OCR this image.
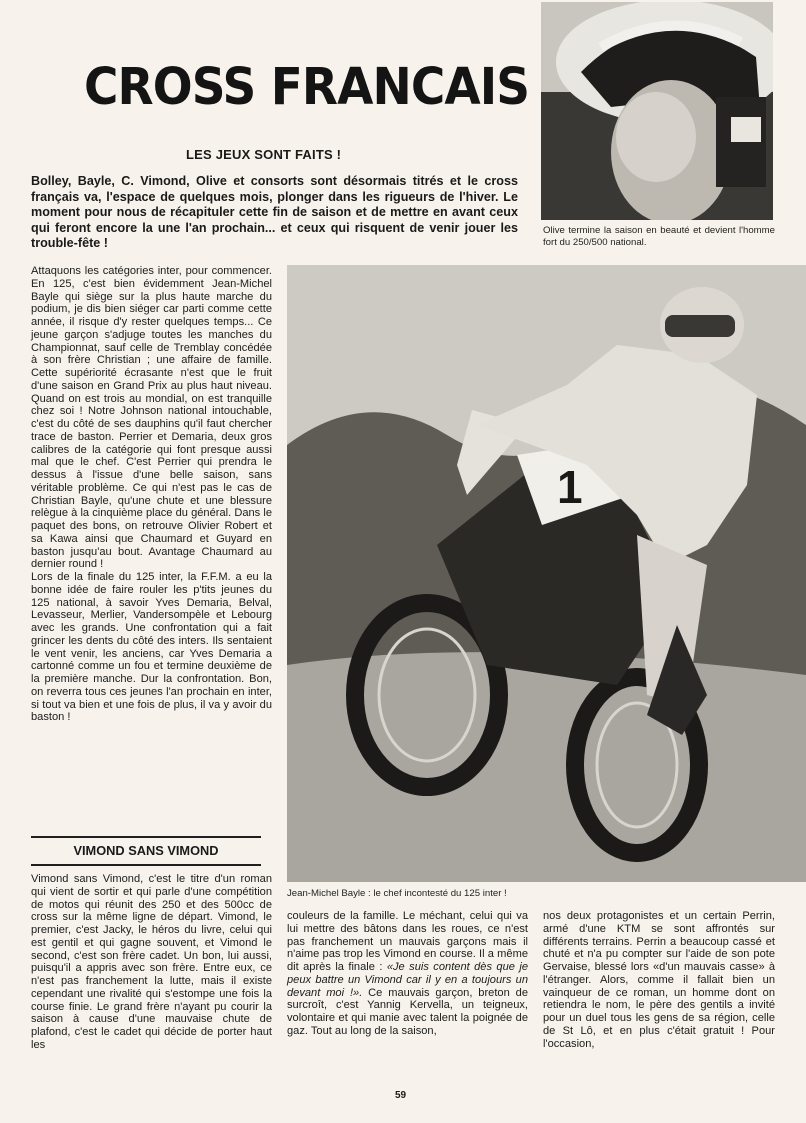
CROSS FRANCAIS
LES JEUX SONT FAITS !
Bolley, Bayle, C. Vimond, Olive et consorts sont désormais titrés et le cross français va, l'espace de quelques mois, plonger dans les rigueurs de l'hiver. Le moment pour nous de récapituler cette fin de saison et de mettre en avant ceux qui feront encore la une l'an prochain... et ceux qui risquent de venir jouer les trouble-fête !
Olive termine la saison en beauté et devient l'homme fort du 250/500 national.
1
Jean-Michel Bayle : le chef incontesté du 125 inter !

Attaquons les catégories inter, pour commencer. En 125, c'est bien évidemment Jean-Michel Bayle qui siège sur la plus haute marche du podium, je dis bien siéger car parti comme cette année, il risque d'y rester quelques temps... Ce jeune garçon s'adjuge toutes les manches du Championnat, sauf celle de Tremblay concédée à son frère Christian ; une affaire de famille. Cette supériorité écrasante n'est que le fruit d'une saison en Grand Prix au plus haut niveau. Quand on est trois au mondial, on est tranquille chez soi ! Notre Johnson national intouchable, c'est du côté de ses dauphins qu'il faut chercher trace de baston. Perrier et Demaria, deux gros calibres de la catégorie qui font presque aussi mal que le chef. C'est Perrier qui prendra le dessus à l'issue d'une belle saison, sans véritable problème. Ce qui n'est pas le cas de Christian Bayle, qu'une chute et une blessure relègue à la cinquième place du général. Dans le paquet des bons, on retrouve Olivier Robert et sa Kawa ainsi que Chaumard et Guyard en baston jusqu'au bout. Avantage Chaumard au dernier round !

Lors de la finale du 125 inter, la F.F.M. a eu la bonne idée de faire rouler les p'tits jeunes du 125 national, à savoir Yves Demaria, Belval, Levasseur, Merlier, Vandersompèle et Lebourg avec les grands. Une confrontation qui a fait grincer les dents du côté des inters. Ils sentaient le vent venir, les anciens, car Yves Demaria a cartonné comme un fou et termine deuxième de la première manche. Dur la confrontation. Bon, on reverra tous ces jeunes l'an prochain en inter, si tout va bien et une fois de plus, il va y avoir du baston !

VIMOND SANS VIMOND

Vimond sans Vimond, c'est le titre d'un roman qui vient de sortir et qui parle d'une compétition de motos qui réunit des 250 et des 500cc de cross sur la même ligne de départ. Vimond, le premier, c'est Jacky, le héros du livre, celui qui est gentil et qui gagne souvent, et Vimond le second, c'est son frère cadet. Un bon, lui aussi, puisqu'il a appris avec son frère. Entre eux, ce n'est pas franchement la lutte, mais il existe cependant une rivalité qui s'estompe une fois la course finie. Le grand frère n'ayant pu courir la saison à cause d'une mauvaise chute de plafond, c'est le cadet qui décide de porter haut les

couleurs de la famille. Le méchant, celui qui va lui mettre des bâtons dans les roues, ce n'est pas franchement un mauvais garçons mais il n'aime pas trop les Vimond en course. Il a même dit après la finale : «Je suis content dès que je peux battre un Vimond car il y en a toujours un devant moi !». Ce mauvais garçon, breton de surcroît, c'est Yannig Kervella, un teigneux, volontaire et qui manie avec talent la poignée de gaz. Tout au long de la saison,

nos deux protagonistes et un certain Perrin, armé d'une KTM se sont affrontés sur différents terrains. Perrin a beaucoup cassé et chuté et n'a pu compter sur l'aide de son pote Gervaise, blessé lors «d'un mauvais casse» à l'étranger. Alors, comme il fallait bien un vainqueur de ce roman, un homme dont on retiendra le nom, le père des gentils a invité pour un duel tous les gens de sa région, celle de St Lô, et en plus c'était gratuit ! Pour l'occasion,

59
